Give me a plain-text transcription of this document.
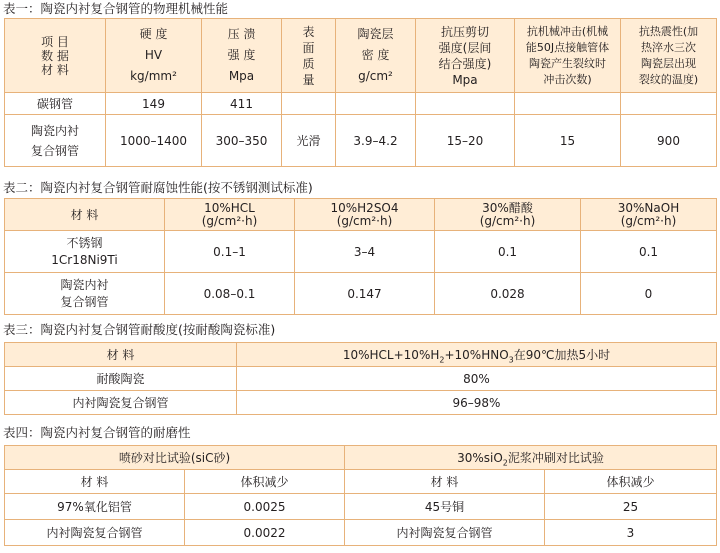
表一：陶瓷内衬复合钢管的物理机械性能
项 目
数 据
材 料	硬 度
HV
kg/mm²	压 溃
强 度
Mpa	表
面
质
量	陶瓷层
密 度
g/cm²	抗压剪切
强度(层间
结合强度)
Mpa	抗机械冲击(机械
能50J点接触管体
陶瓷产生裂纹时
冲击次数)	抗热震性(加
热淬水三次
陶瓷层出现
裂纹的温度)

碳钢管	149	411					

陶瓷内衬
复合钢管	1000–1400	300–350	光滑	3.9–4.2	15–20	15	900
表二：陶瓷内衬复合钢管耐腐蚀性能(按不锈钢测试标准)
材 料	10%HCL
(g/cm²·h)	10%H2SO4
(g/cm²·h)	30%醋酸
(g/cm²·h)	30%NaOH
(g/cm²·h)

不锈钢
1Cr18Ni9Ti	0.1–1	3–4	0.1	0.1

陶瓷内衬
复合钢管	0.08–0.1	0.147	0.028	0
表三：陶瓷内衬复合钢管耐酸度(按耐酸陶瓷标准)
材 料	$10\%HCL+10\%H_2+10\%HNO_3$在90℃加热5小时
耐酸陶瓷	80%
内衬陶瓷复合钢管	96–98%
表四：陶瓷内衬复合钢管的耐磨性
喷砂对比试验(siC砂)		30%siO$_2$泥浆冲刷对比试验	
材 料	体积减少	材 料	体积减少
97%氧化铝管	0.0025	45号铜	25
内衬陶瓷复合钢管	0.0022	内衬陶瓷复合钢管	3
